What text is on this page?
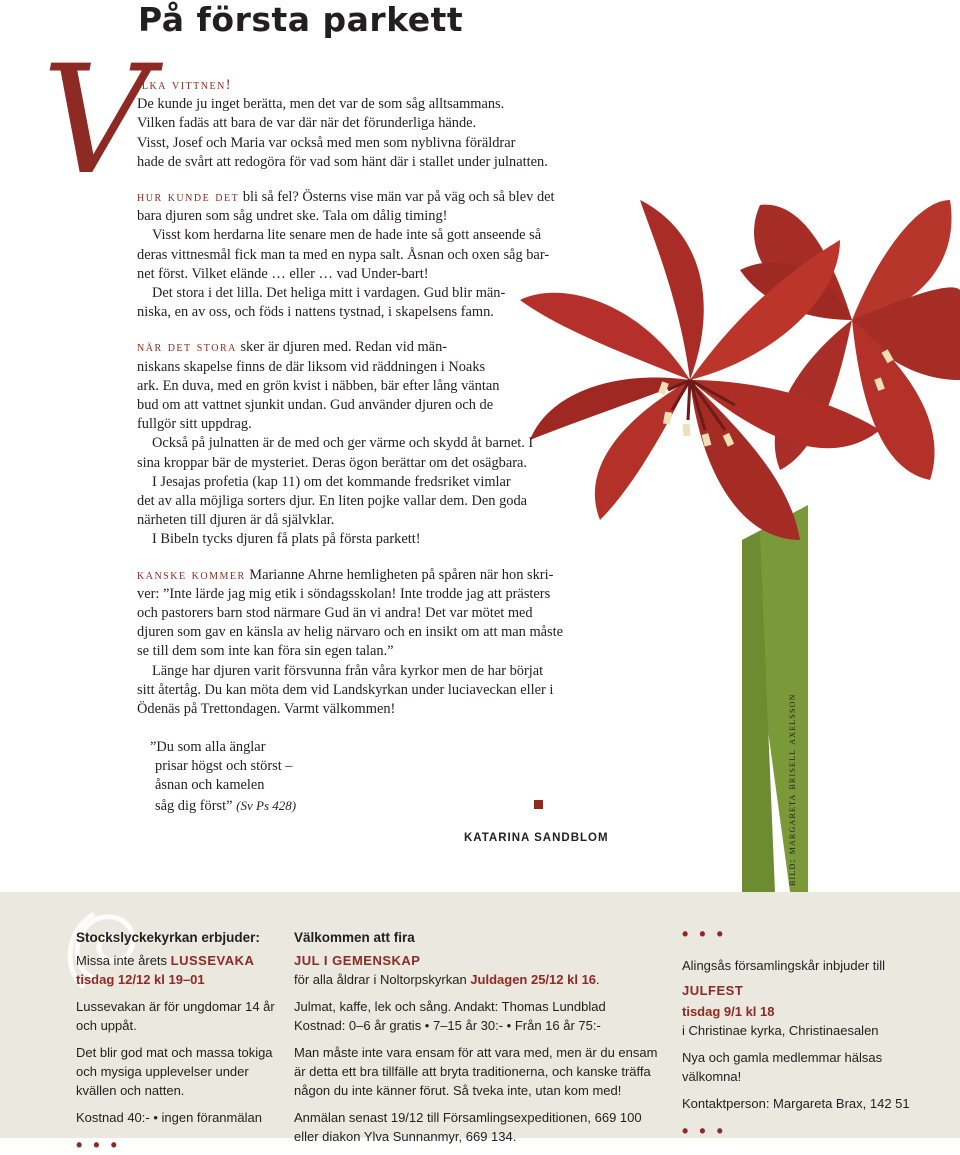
På första parkett
V

ilka vittnen!
De kunde ju inget berätta, men det var de som såg alltsammans.
Vilken fadäs att bara de var där när det förunderliga hände.
Visst, Josef och Maria var också med men som nyblivna föräldrar
hade de svårt att redogöra för vad som hänt där i stallet under julnatten.

hur kunde det bli så fel? Österns vise män var på väg och så blev det
bara djuren som såg undret ske. Tala om dålig timing!
Visst kom herdarna lite senare men de hade inte så gott anseende så
deras vittnesmål fick man ta med en nypa salt. Åsnan och oxen såg bar-
net först. Vilket elände … eller … vad Under-bart!
Det stora i det lilla. Det heliga mitt i vardagen. Gud blir män-
niska, en av oss, och föds i nattens tystnad, i skapelsens famn.

när det stora sker är djuren med. Redan vid män-
niskans skapelse finns de där liksom vid räddningen i Noaks
ark. En duva, med en grön kvist i näbben, bär efter lång väntan
bud om att vattnet sjunkit undan. Gud använder djuren och de
fullgör sitt uppdrag.
Också på julnatten är de med och ger värme och skydd åt barnet. I
sina kroppar bär de mysteriet. Deras ögon berättar om det osägbara.
I Jesajas profetia (kap 11) om det kommande fredsriket vimlar
det av alla möjliga sorters djur. En liten pojke vallar dem. Den goda
närheten till djuren är då självklar.
I Bibeln tycks djuren få plats på första parkett!

kanske kommer Marianne Ahrne hemligheten på spåren när hon skri-
ver: ”Inte lärde jag mig etik i söndagsskolan! Inte trodde jag att prästers
och pastorers barn stod närmare Gud än vi andra! Det var mötet med
djuren som gav en känsla av helig närvaro och en insikt om att man måste
se till dem som inte kan föra sin egen talan.”
Länge har djuren varit försvunna från våra kyrkor men de har börjat
sitt återtåg. Du kan möta dem vid Landskyrkan under luciaveckan eller i
Ödenäs på Trettondagen. Varmt välkommen!

”Du som alla änglar
prisar högst och störst –
åsnan och kamelen
såg dig först” (Sv Ps 428)
KATARINA SANDBLOM	bild: margareta brisell axelsson

Stockslyckekyrkan erbjuder:

Missa inte årets LUSSEVAKA

tisdag 12/12 kl 19–01

Lussevakan är för ungdomar 14 år och uppåt.

Det blir god mat och massa tokiga och mysiga upplevelser under kvällen och natten.

Kostnad 40:- • ingen föranmälan

• • •

Välkommen att fira

JUL I GEMENSKAP

för alla åldrar i Noltorpskyrkan Juldagen 25/12 kl 16.

Julmat, kaffe, lek och sång. Andakt: Thomas Lundblad

Kostnad: 0–6 år gratis • 7–15 år 30:- • Från 16 år 75:-

Man måste inte vara ensam för att vara med, men är du ensam är detta ett bra tillfälle att bryta traditionerna, och kanske träffa någon du inte känner förut. Så tveka inte, utan kom med!

Anmälan senast 19/12 till Församlingsexpeditionen, 669 100 eller diakon Ylva Sunnanmyr, 669 134.

• • •

Alingsås församlingskår inbjuder till

JULFEST

tisdag 9/1 kl 18

i Christinae kyrka, Christinaesalen

Nya och gamla medlemmar hälsas välkomna!

Kontaktperson: Margareta Brax, 142 51

• • •
